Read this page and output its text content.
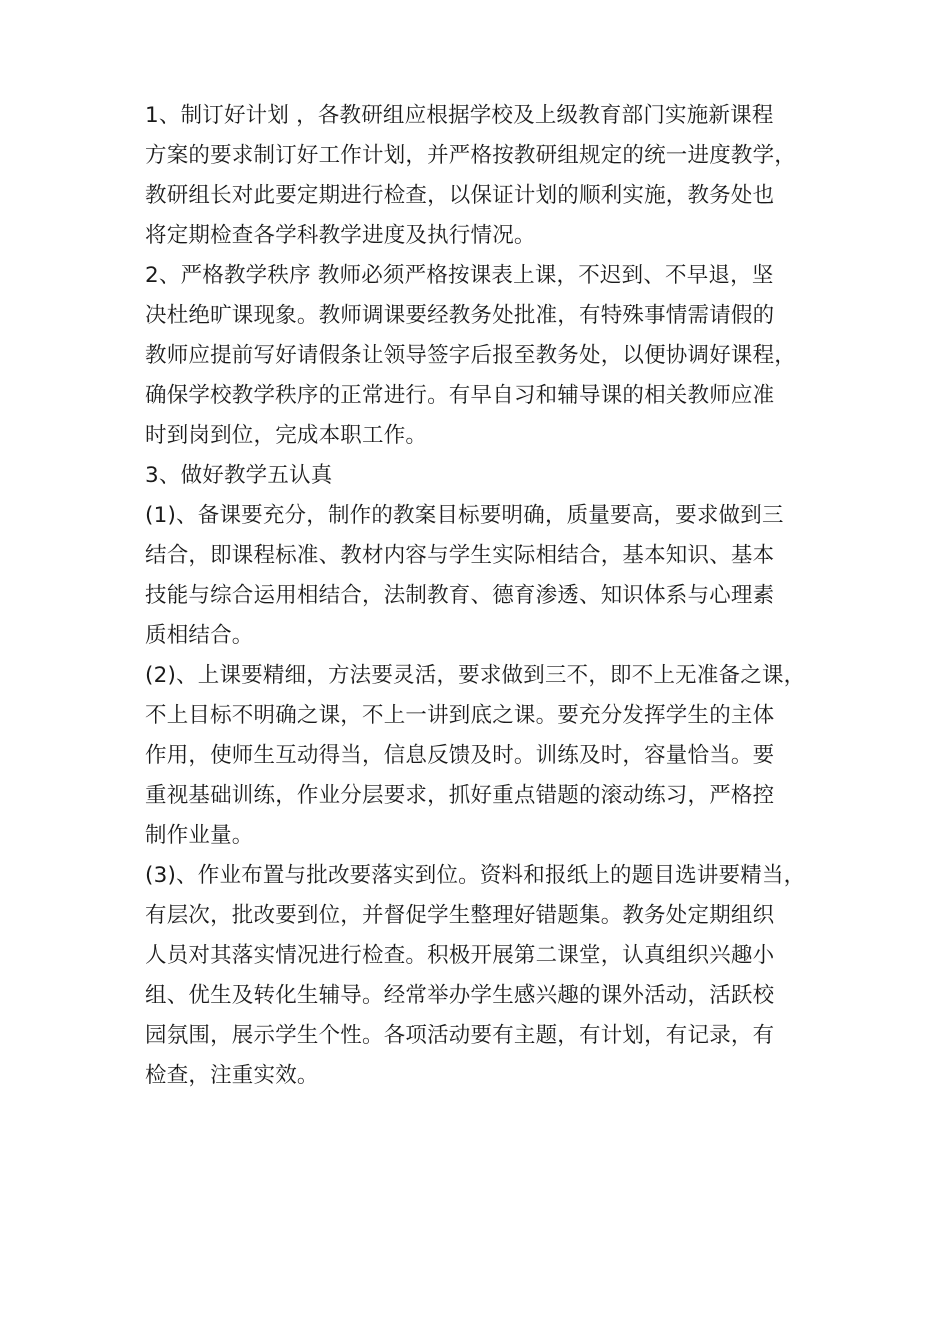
1、制订好计划 ，各教研组应根据学校及上级教育部门实施新课程
方案的要求制订好工作计划，并严格按教研组规定的统一进度教学，
教研组长对此要定期进行检查，以保证计划的顺利实施，教务处也
将定期检查各学科教学进度及执行情况。
2、严格教学秩序 教师必须严格按课表上课，不迟到、不早退，坚
决杜绝旷课现象。教师调课要经教务处批准，有特殊事情需请假的
教师应提前写好请假条让领导签字后报至教务处，以便协调好课程，
确保学校教学秩序的正常进行。有早自习和辅导课的相关教师应准
时到岗到位，完成本职工作。
3、做好教学五认真
(1)、备课要充分，制作的教案目标要明确，质量要高，要求做到三
结合，即课程标准、教材内容与学生实际相结合，基本知识、基本
技能与综合运用相结合，法制教育、德育渗透、知识体系与心理素
质相结合。
(2)、上课要精细，方法要灵活，要求做到三不，即不上无准备之课，
不上目标不明确之课，不上一讲到底之课。要充分发挥学生的主体
作用，使师生互动得当，信息反馈及时。训练及时，容量恰当。要
重视基础训练，作业分层要求，抓好重点错题的滚动练习，严格控
制作业量。
(3)、作业布置与批改要落实到位。资料和报纸上的题目选讲要精当，
有层次，批改要到位，并督促学生整理好错题集。教务处定期组织
人员对其落实情况进行检查。积极开展第二课堂，认真组织兴趣小
组、优生及转化生辅导。经常举办学生感兴趣的课外活动，活跃校
园氛围，展示学生个性。各项活动要有主题，有计划，有记录，有
检查，注重实效。
